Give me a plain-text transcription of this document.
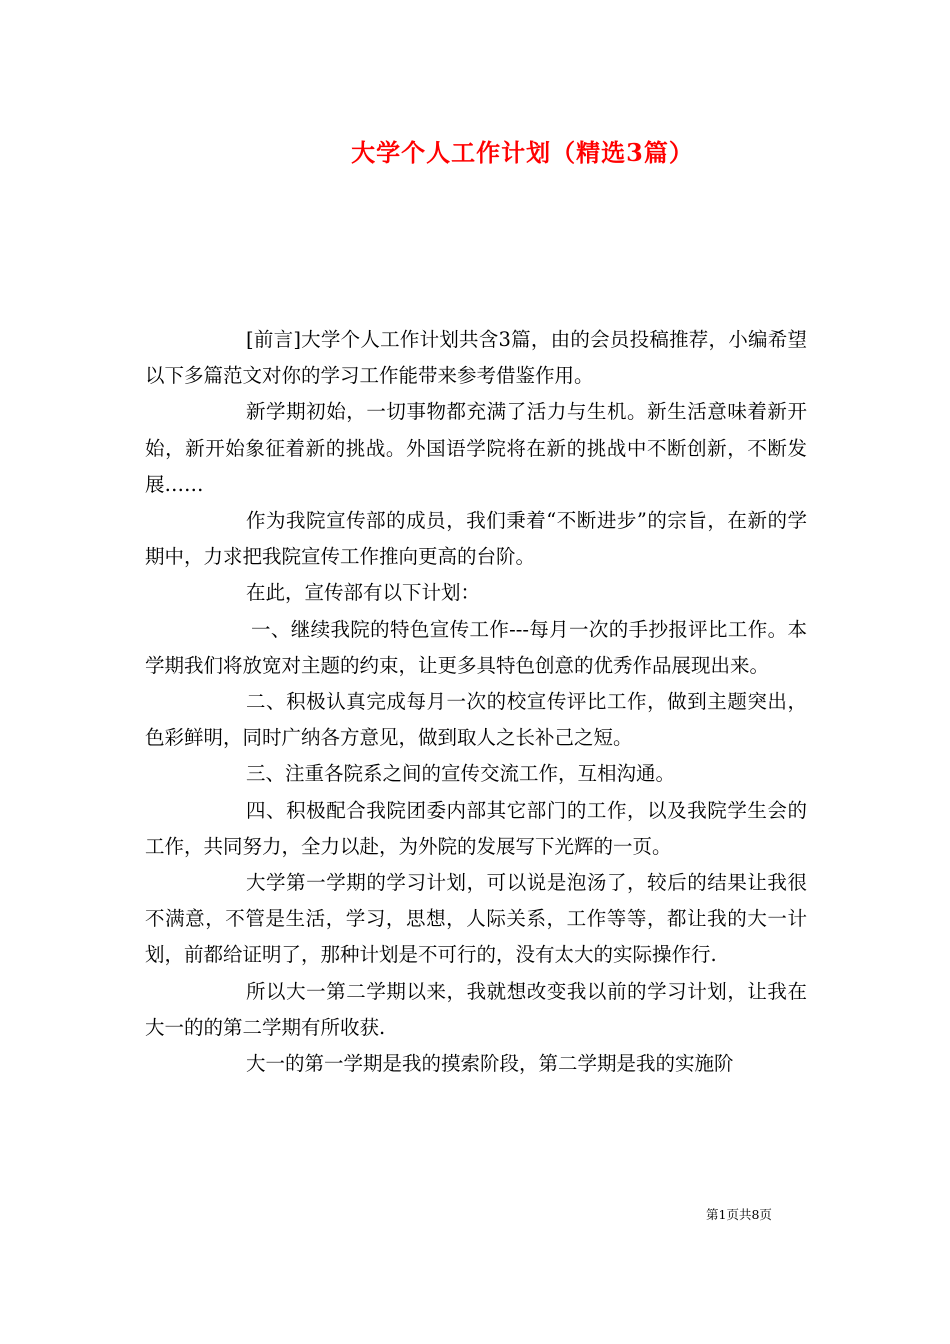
大学个人工作计划（精选3篇）

[前言]大学个人工作计划共含3篇，由的会员投稿推荐，小编希望以下多篇范文对你的学习工作能带来参考借鉴作用。

新学期初始，一切事物都充满了活力与生机。新生活意味着新开始，新开始象征着新的挑战。外国语学院将在新的挑战中不断创新，不断发展……

作为我院宣传部的成员，我们秉着“不断进步”的宗旨，在新的学期中，力求把我院宣传工作推向更高的台阶。

在此，宣传部有以下计划：

一、继续我院的特色宣传工作---每月一次的手抄报评比工作。本学期我们将放宽对主题的约束，让更多具特色创意的优秀作品展现出来。

二、积极认真完成每月一次的校宣传评比工作，做到主题突出，色彩鲜明，同时广纳各方意见，做到取人之长补己之短。

三、注重各院系之间的宣传交流工作，互相沟通。

四、积极配合我院团委内部其它部门的工作，以及我院学生会的工作，共同努力，全力以赴，为外院的发展写下光辉的一页。

大学第一学期的学习计划，可以说是泡汤了，较后的结果让我很不满意，不管是生活，学习，思想，人际关系，工作等等，都让我的大一计划，前都给证明了，那种计划是不可行的，没有太大的实际操作行.

所以大一第二学期以来，我就想改变我以前的学习计划，让我在大一的的第二学期有所收获.

大一的第一学期是我的摸索阶段，第二学期是我的实施阶

第1页共8页
